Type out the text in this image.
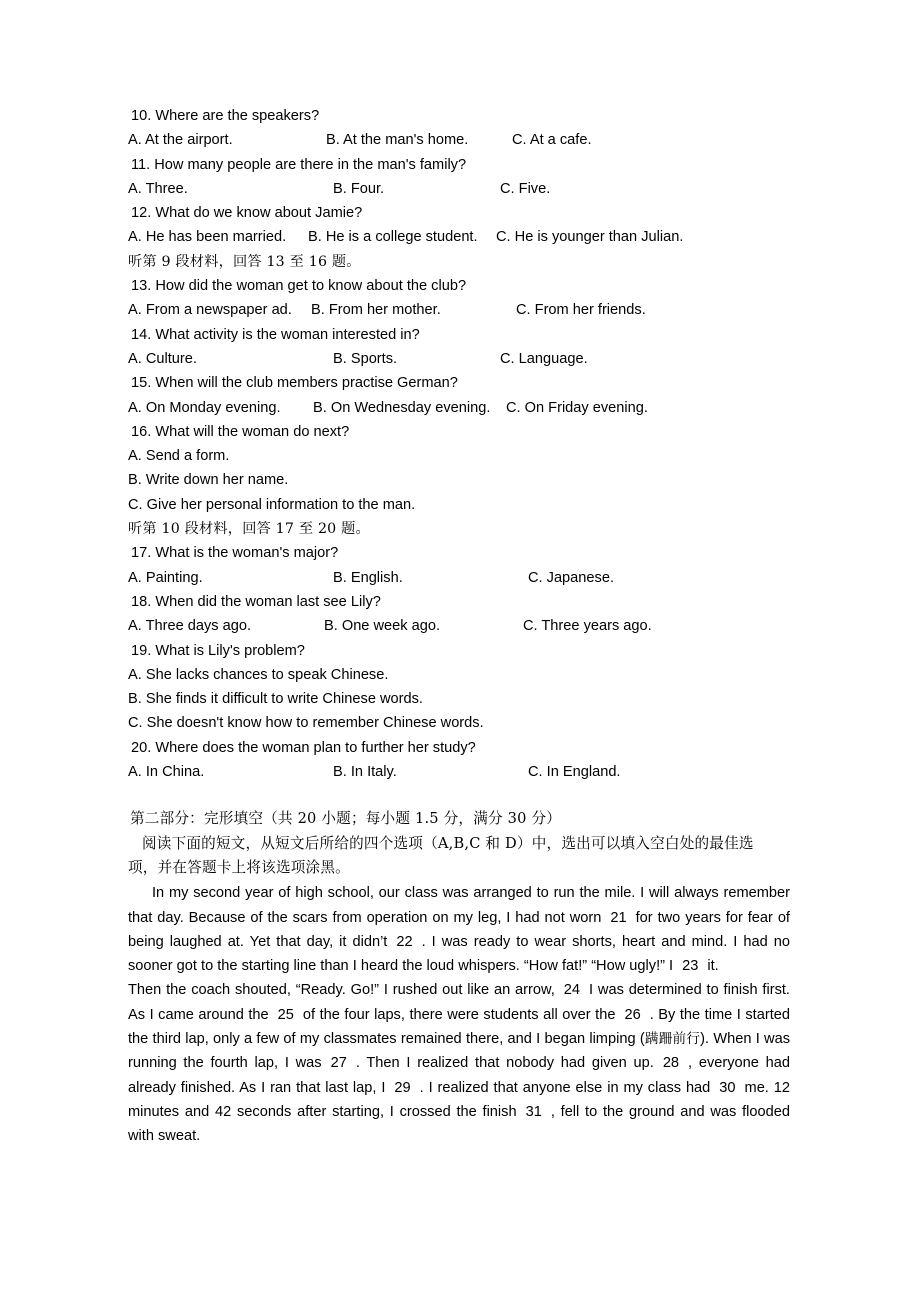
10. Where are the speakers?
A. At the airport.	B. At the man's home.	C. At a cafe.
11. How many people are there in the man's family?
A. Three.	B. Four.	C. Five.
12. What do we know about Jamie?
A. He has been married. B. He is a college student. C. He is younger than Julian.
听第 9 段材料，回答 13 至 16 题。
13. How did the woman get to know about the club?
A. From a newspaper ad. B. From her mother.	C. From her friends.
14. What activity is the woman interested in?
A. Culture.	B. Sports.	C. Language.
15. When will the club members practise German?
A. On Monday evening. B. On Wednesday evening. C. On Friday evening.
16. What will the woman do next?
A. Send a form.
B. Write down her name.
C. Give her personal information to the man.
听第 10 段材料，回答 17 至 20 题。
17. What is the woman's major?
A. Painting.	B. English.	C. Japanese.
18. When did the woman last see Lily?
A. Three days ago.	B. One week ago.	C. Three years ago.
19. What is Lily's problem?
A. She lacks chances to speak Chinese.
B. She finds it difficult to write Chinese words.
C. She doesn't know how to remember Chinese words.
20. Where does the woman plan to further her study?
A. In China.	B. In Italy.	C. In England.
第二部分：完形填空（共 20 小题；每小题 1.5 分，满分 30 分）
阅读下面的短文，从短文后所给的四个选项（A,B,C 和 D）中，选出可以填入空白处的最佳选
项，并在答题卡上将该选项涂黑。

In my second year of high school, our class was arranged to run the mile. I will always remember that day. Because of the scars from operation on my leg, I had not worn 21 for two years for fear of being laughed at. Yet that day, it didn’t 22 . I was ready to wear shorts, heart and mind. I had no sooner got to the starting line than I heard the loud whispers. “How fat!” “How ugly!” I 23 it.

Then the coach shouted, “Ready. Go!” I rushed out like an arrow, 24 I was determined to finish first. As I came around the 25 of the four laps, there were students all over the 26 . By the time I started the third lap, only a few of my classmates remained there, and I began limping (蹒跚前行). When I was running the fourth lap, I was 27 . Then I realized that nobody had given up. 28 , everyone had already finished. As I ran that last lap, I 29 . I realized that anyone else in my class had 30 me. 12 minutes and 42 seconds after starting, I crossed the finish 31 , fell to the ground and was flooded with sweat.
